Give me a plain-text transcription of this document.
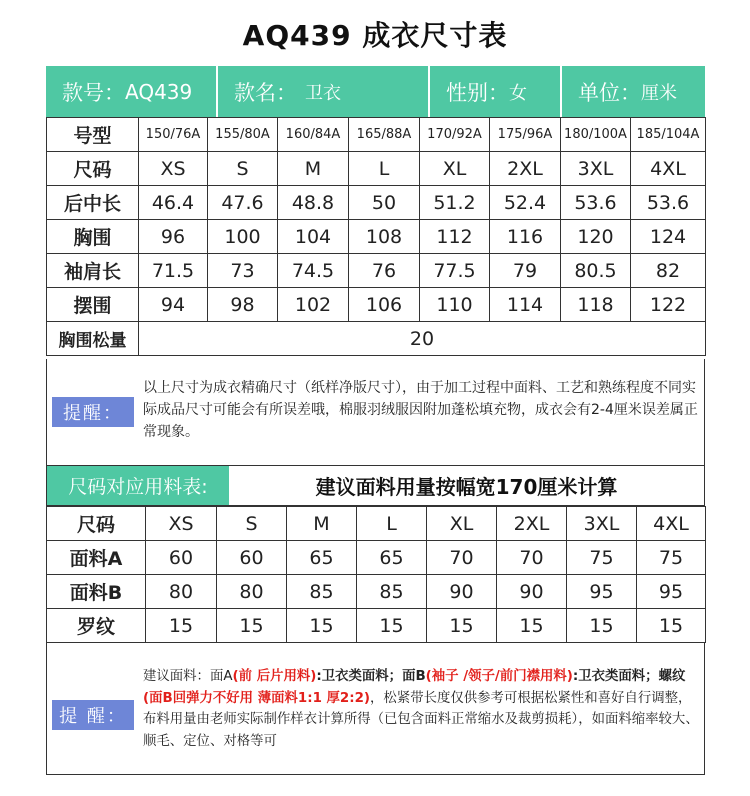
AQ439 成衣尺寸表
款号： AQ439 款名： 卫衣	性别： 女 单位： 厘米
号型	150/76A	155/80A	160/84A	165/88A	170/92A	175/96A	180/100A	185/104A
尺码	XS	S	M	L	XL	2XL	3XL	4XL
后中长	46.4	47.6	48.8	50	51.2	52.4	53.6	53.6
胸围	96	100	104	108	112	116	120	124
袖肩长	71.5	73	74.5	76	77.5	79	80.5	82
摆围	94	98	102	106	110	114	118	122
胸围松量	20							
提醒：
以上尺寸为成衣精确尺寸（纸样净版尺寸），由于加工过程中面料、工艺和熟练程度不同实际成品尺寸可能会有所误差哦，棉服羽绒服因附加蓬松填充物，成衣会有2-4厘米误差属正常现象。
尺码对应用料表:	建议面料用量按幅宽170厘米计算
尺码	XS	S	M	L	XL	2XL	3XL	4XL
面料A	60	60	65	65	70	70	75	75
面料B	80	80	85	85	90	90	95	95
罗纹	15	15	15	15	15	15	15	15
提 醒：
建议面料：面A(前 后片用料):卫衣类面料；面B(袖子 /领子/前门襟用料):卫衣类面料；螺纹(面B回弹力不好用 薄面料1:1 厚2:2)，松紧带长度仅供参考可根据松紧性和喜好自行调整，布料用量由老师实际制作样衣计算所得（已包含面料正常缩水及裁剪损耗），如面料缩率较大、顺毛、定位、对格等可
